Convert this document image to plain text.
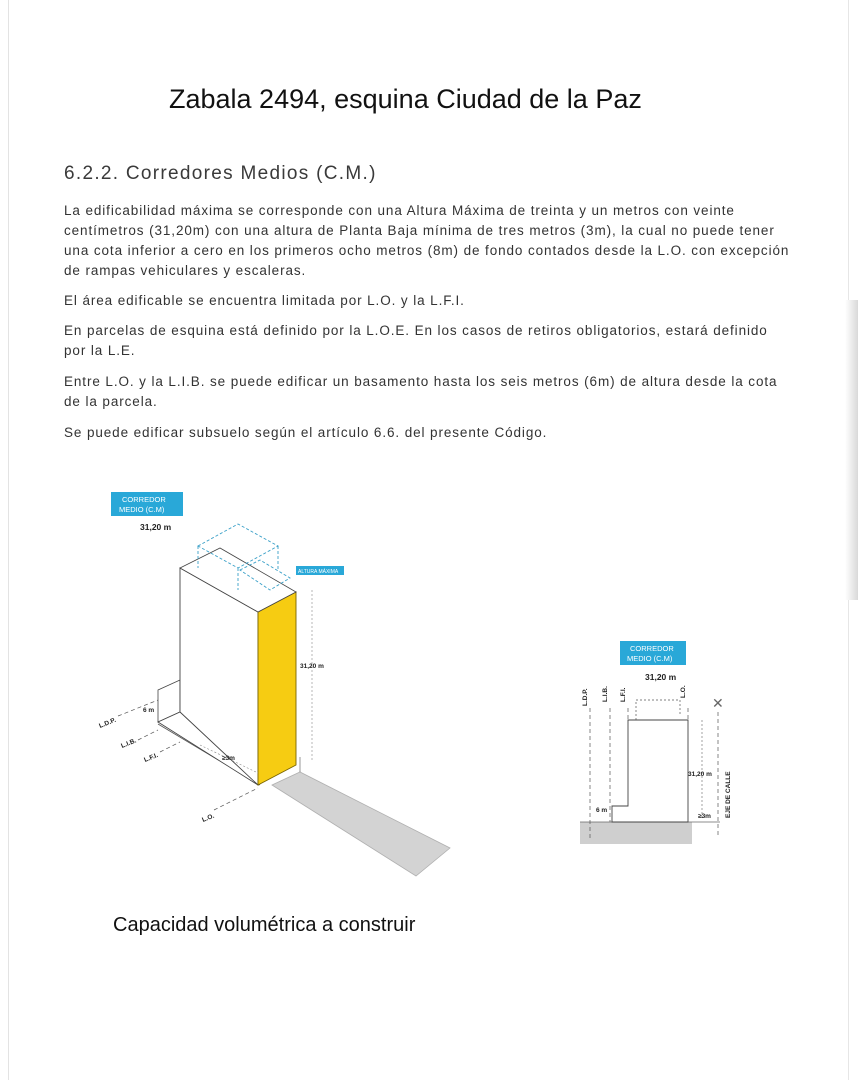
Zabala 2494, esquina Ciudad de la Paz
6.2.2. Corredores Medios (C.M.)

La edificabilidad máxima se corresponde con una Altura Máxima de treinta y un metros con veinte centímetros (31,20m) con una altura de Planta Baja mínima de tres metros (3m), la cual no puede tener una cota inferior a cero en los primeros ocho metros (8m) de fondo contados desde la L.O. con excepción de rampas vehiculares y escaleras.

El área edificable se encuentra limitada por L.O. y la L.F.I.

En parcelas de esquina está definido por la L.O.E. En los casos de retiros obligatorios, estará definido por la L.E.

Entre L.O. y la L.I.B. se puede edificar un basamento hasta los seis metros (6m) de altura desde la cota de la parcela.

Se puede edificar subsuelo según el artículo 6.6. del presente Código.

CORREDOR
MEDIO (C.M)
31,20 m
ALTURA MÁXIMA
31,20 m
6 m
≥3m
L.D.P.
L.I.B.
L.F.I.
L.O.
CORREDOR
MEDIO (C.M)
31,20 m
L.D.P. L.I.B. L.F.I.	L.O.
✕
31,20 m
6 m
≥3m EJE DE CALLE
Capacidad volumétrica a construir
